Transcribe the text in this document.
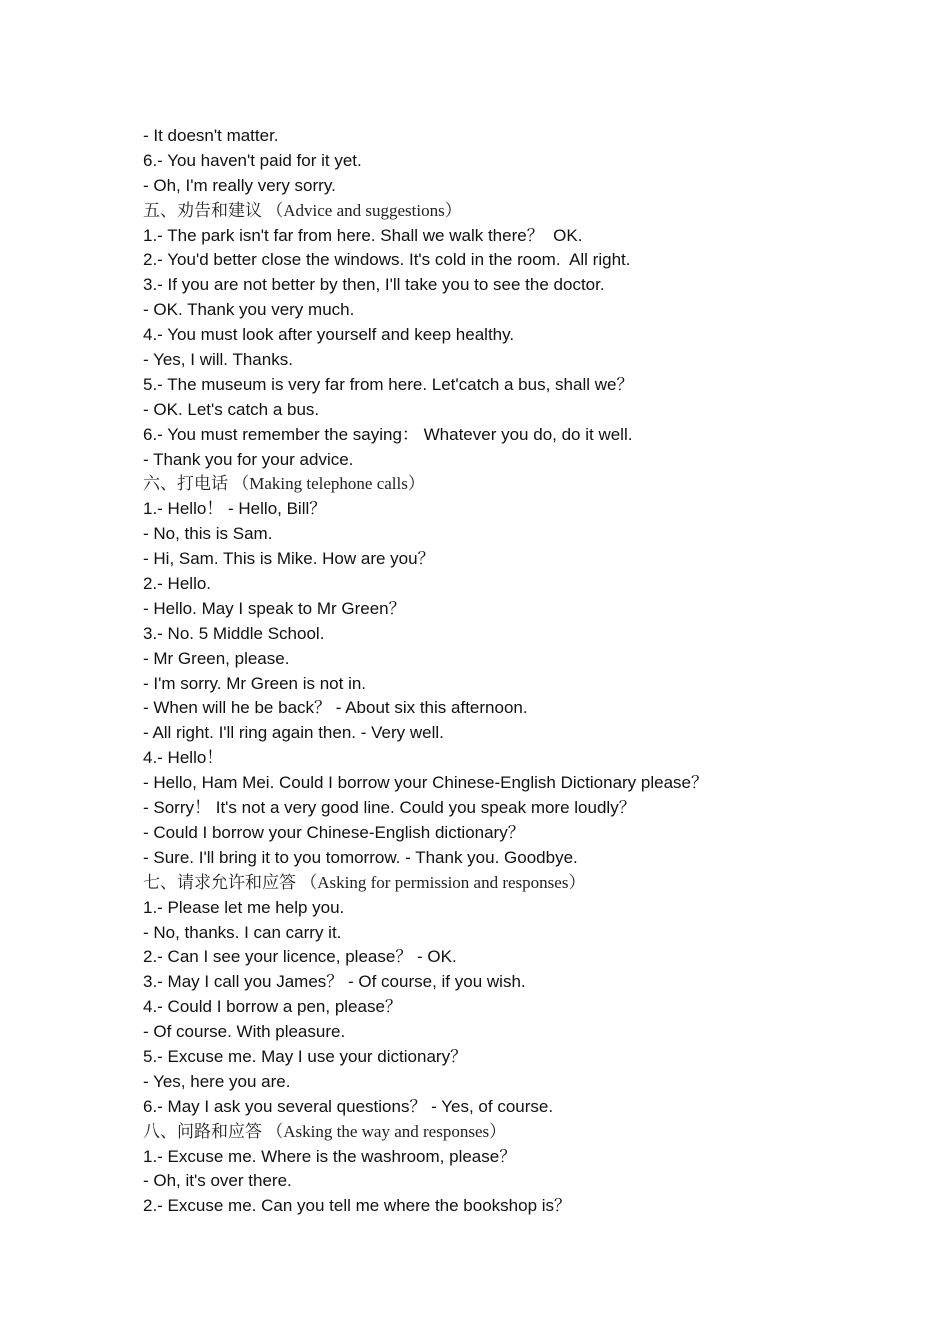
- It doesn't matter.
6.- You haven't paid for it yet.
- Oh, I'm really very sorry.
五、劝告和建议 （Advice and suggestions）
1.- The park isn't far from here. Shall we walk there？  OK.
2.- You'd better close the windows. It's cold in the room.  All right.
3.- If you are not better by then, I'll take you to see the doctor.
- OK. Thank you very much.
4.- You must look after yourself and keep healthy.
- Yes, I will. Thanks.
5.- The museum is very far from here. Let'catch a bus, shall we？
- OK. Let's catch a bus.
6.- You must remember the saying： Whatever you do, do it well.
- Thank you for your advice.
六、打电话 （Making telephone calls）
1.- Hello！ - Hello, Bill？
- No, this is Sam.
- Hi, Sam. This is Mike. How are you？
2.- Hello.
- Hello. May I speak to Mr Green？
3.- No. 5 Middle School.
- Mr Green, please.
- I'm sorry. Mr Green is not in.
- When will he be back？ - About six this afternoon.
- All right. I'll ring again then. - Very well.
4.- Hello！
- Hello, Ham Mei. Could I borrow your Chinese-English Dictionary please？
- Sorry！ It's not a very good line. Could you speak more loudly？
- Could I borrow your Chinese-English dictionary？
- Sure. I'll bring it to you tomorrow. - Thank you. Goodbye.
七、请求允许和应答 （Asking for permission and responses）
1.- Please let me help you.
- No, thanks. I can carry it.
2.- Can I see your licence, please？ - OK.
3.- May I call you James？ - Of course, if you wish.
4.- Could I borrow a pen, please？
- Of course. With pleasure.
5.- Excuse me. May I use your dictionary？
- Yes, here you are.
6.- May I ask you several questions？ - Yes, of course.
八、问路和应答 （Asking the way and responses）
1.- Excuse me. Where is the washroom, please？
- Oh, it's over there.
2.- Excuse me. Can you tell me where the bookshop is？
